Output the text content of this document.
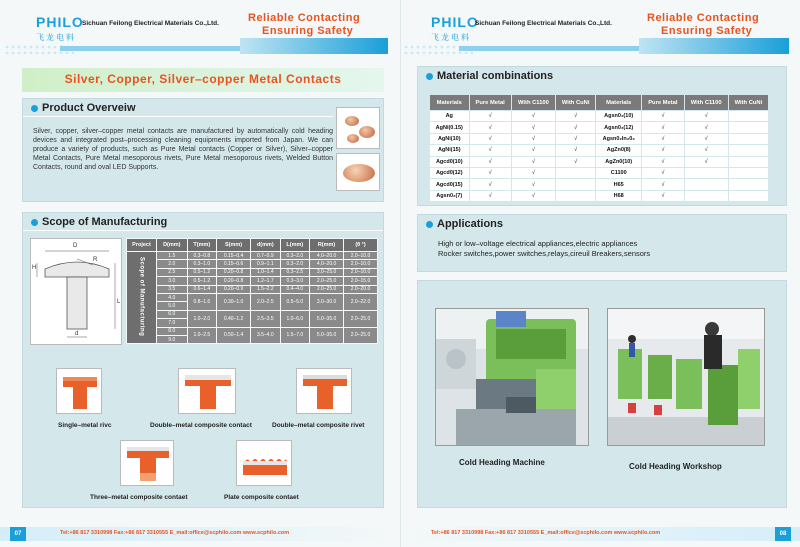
PHILO
飞龙电料
Sichuan Feilong Electrical Materials Co.,Ltd.	Reliable Contacting
Ensuring Safety
Silver, Copper, Silver–copper Metal Contacts
Product Overveiw
Silver, copper, silver–copper metal contacts are manufactured by automatically cold heading devices and integrated post–processing cleaning equipments imported from Japan. We can produce a variety of products, such as Pure Metal contacts (Copper or Silver), Silver–copper Metal Contacts, Pure Metal mesoporous rivets, Pure Metal mesoporous rivets, Welded Button Contacts, round and oval LED Supports.
Scope of Manufacturing
D
R
H
L
d
Project	D(mm)	T(mm)	S(mm)	d(mm)	L(mm)	R(mm)	(θ °)
Scope of Manufacturing	1.5	0.3–0.8	0.15–0.4	0.7–0.9	0.3–2.0	4.0–20.0	2.0–10.0
	2.0	0.3–1.0	0.15–0.6	0.9–1.1	0.3–2.0	4.0–20.0	2.0–10.0
	2.5	0.5–1.2	0.20–0.8	1.0–1.4	0.3–2.5	3.0–25.0	2.0–10.0
	3.0	0.5–1.2	0.20–0.8	1.2–1.7	0.3–3.0	2.0–25.0	2.0–15.0
	3.5	0.6–1.4	0.20–0.9	1.5–2.2	0.4–4.0	2.0–25.0	2.0–20.0
	4.0	0.8–1.6	0.30–1.0	2.0–2.5	0.5–5.0	3.0–30.0	2.0–22.0
	5.0						
	6.0	1.0–2.0	0.40–1.2	2.5–3.5	1.0–6.0	5.0–35.0	2.0–25.0
	7.0						
	8.0	1.0–2.5	0.50–1.4	3.5–4.0	1.5–7.0	5.0–35.0	2.0–25.0
	9.0						
Single–metal rivc	Double–metal composite contact	Double–metal composite rivet
Three–metal composite contaet	Plate composite contaet
07	Tel:+86 817 3310998 Fax:+86 817 3310555 E_mail:office@scphilo.com www.scphilo.com
PHILO
飞龙电料
Sichuan Feilong Electrical Materials Co.,Ltd.	Reliable Contacting
Ensuring Safety
Material combinations
Materials	Pure Metal	With C1100	With CuNi	Materials	Pure Metal	With C1100	With CuNi
Ag	√	√	√	Agsn0₂(10)	√	√	
AgNi(0.15)	√	√	√	Agsn0₂(12)	√	√	
AgNi(10)	√	√	√	Agsn0₂In₂0₃	√	√	
AgNi(15)	√	√	√	AgZn0(8)	√	√	
Agcd0(10)	√	√	√	AgZn0(10)	√	√	
Agcd0(12)	√	√		C1100	√		
Agcd0(15)	√	√		H65	√		
Agsn0₂(7)	√	√		H68	√		
Applications
High or low–voltage electrical appliances,electric appliances
Rocker switches,power switches,relays,cireuil Breakers,sensors
Cold Heading Machine	Cold Heading Workshop
Tel:+86 817 3310998 Fax:+86 817 3310555 E_mail:office@scphilo.com www.scphilo.com	08
